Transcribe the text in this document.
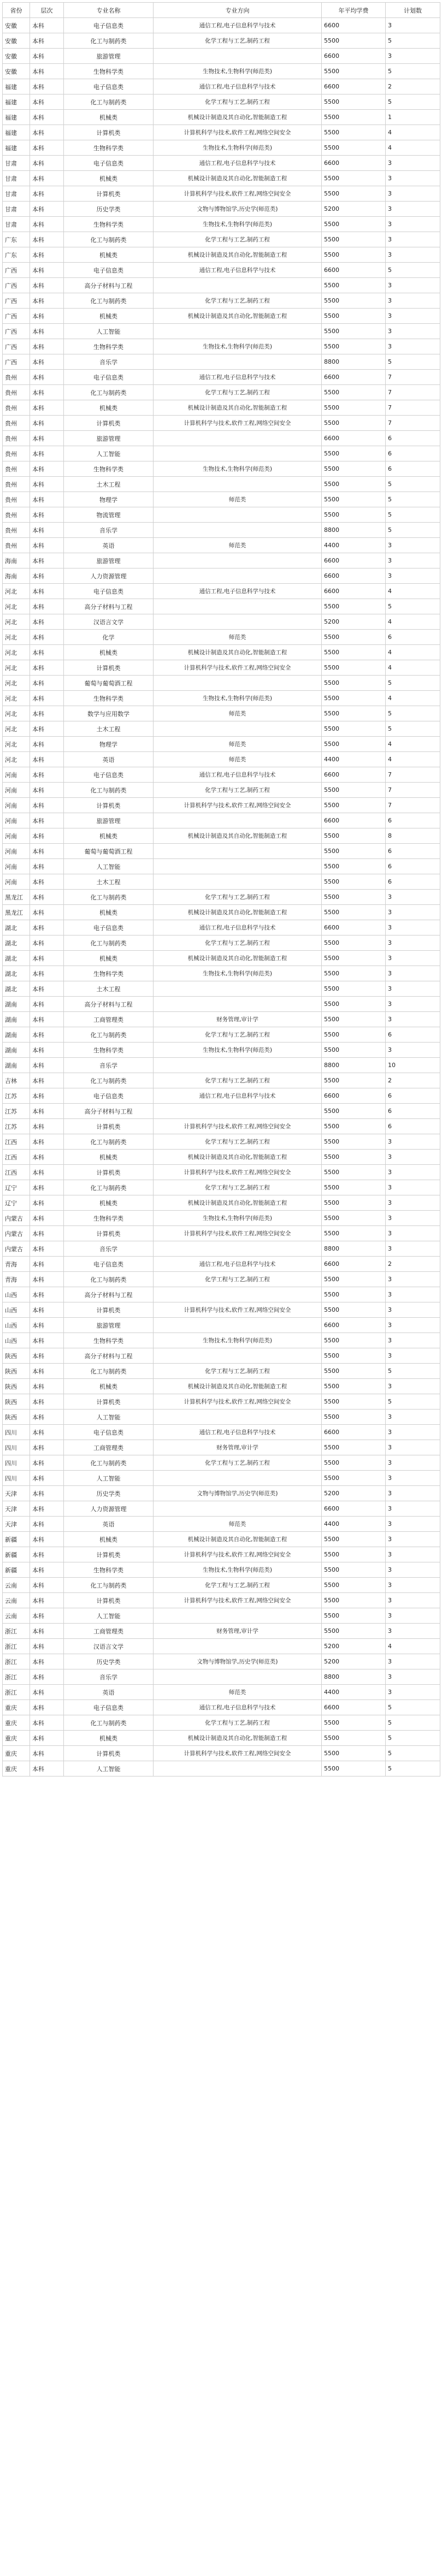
省份	层次	专业名称	专业方向	年平均学费	计划数
安徽	本科	电子信息类	通信工程,电子信息科学与技术	6600	3
安徽	本科	化工与制药类	化学工程与工艺,制药工程	5500	5
安徽	本科	旅游管理		6600	3
安徽	本科	生物科学类	生物技术,生物科学(师范类)	5500	5
福建	本科	电子信息类	通信工程,电子信息科学与技术	6600	2
福建	本科	化工与制药类	化学工程与工艺,制药工程	5500	5
福建	本科	机械类	机械设计制造及其自动化,智能制造工程	5500	1
福建	本科	计算机类	计算机科学与技术,软件工程,网络空间安全	5500	4
福建	本科	生物科学类	生物技术,生物科学(师范类)	5500	4
甘肃	本科	电子信息类	通信工程,电子信息科学与技术	6600	3
甘肃	本科	机械类	机械设计制造及其自动化,智能制造工程	5500	3
甘肃	本科	计算机类	计算机科学与技术,软件工程,网络空间安全	5500	3
甘肃	本科	历史学类	文物与博物馆学,历史学(师范类)	5200	3
甘肃	本科	生物科学类	生物技术,生物科学(师范类)	5500	3
广东	本科	化工与制药类	化学工程与工艺,制药工程	5500	3
广东	本科	机械类	机械设计制造及其自动化,智能制造工程	5500	3
广西	本科	电子信息类	通信工程,电子信息科学与技术	6600	5
广西	本科	高分子材料与工程		5500	3
广西	本科	化工与制药类	化学工程与工艺,制药工程	5500	3
广西	本科	机械类	机械设计制造及其自动化,智能制造工程	5500	3
广西	本科	人工智能		5500	3
广西	本科	生物科学类	生物技术,生物科学(师范类)	5500	3
广西	本科	音乐学		8800	5
贵州	本科	电子信息类	通信工程,电子信息科学与技术	6600	7
贵州	本科	化工与制药类	化学工程与工艺,制药工程	5500	7
贵州	本科	机械类	机械设计制造及其自动化,智能制造工程	5500	7
贵州	本科	计算机类	计算机科学与技术,软件工程,网络空间安全	5500	7
贵州	本科	旅游管理		6600	6
贵州	本科	人工智能		5500	6
贵州	本科	生物科学类	生物技术,生物科学(师范类)	5500	6
贵州	本科	土木工程		5500	5
贵州	本科	物理学	师范类	5500	5
贵州	本科	物流管理		5500	5
贵州	本科	音乐学		8800	5
贵州	本科	英语	师范类	4400	3
海南	本科	旅游管理		6600	3
海南	本科	人力资源管理		6600	3
河北	本科	电子信息类	通信工程,电子信息科学与技术	6600	4
河北	本科	高分子材料与工程		5500	5
河北	本科	汉语言文学		5200	4
河北	本科	化学	师范类	5500	6
河北	本科	机械类	机械设计制造及其自动化,智能制造工程	5500	4
河北	本科	计算机类	计算机科学与技术,软件工程,网络空间安全	5500	4
河北	本科	葡萄与葡萄酒工程		5500	5
河北	本科	生物科学类	生物技术,生物科学(师范类)	5500	4
河北	本科	数学与应用数学	师范类	5500	5
河北	本科	土木工程		5500	5
河北	本科	物理学	师范类	5500	4
河北	本科	英语	师范类	4400	4
河南	本科	电子信息类	通信工程,电子信息科学与技术	6600	7
河南	本科	化工与制药类	化学工程与工艺,制药工程	5500	7
河南	本科	计算机类	计算机科学与技术,软件工程,网络空间安全	5500	7
河南	本科	旅游管理		6600	6
河南	本科	机械类	机械设计制造及其自动化,智能制造工程	5500	8
河南	本科	葡萄与葡萄酒工程		5500	6
河南	本科	人工智能		5500	6
河南	本科	土木工程		5500	6
黑龙江	本科	化工与制药类	化学工程与工艺,制药工程	5500	3
黑龙江	本科	机械类	机械设计制造及其自动化,智能制造工程	5500	3
湖北	本科	电子信息类	通信工程,电子信息科学与技术	6600	3
湖北	本科	化工与制药类	化学工程与工艺,制药工程	5500	3
湖北	本科	机械类	机械设计制造及其自动化,智能制造工程	5500	3
湖北	本科	生物科学类	生物技术,生物科学(师范类)	5500	3
湖北	本科	土木工程		5500	3
湖南	本科	高分子材料与工程		5500	3
湖南	本科	工商管理类	财务管理,审计学	5500	3
湖南	本科	化工与制药类	化学工程与工艺,制药工程	5500	6
湖南	本科	生物科学类	生物技术,生物科学(师范类)	5500	3
湖南	本科	音乐学		8800	10
吉林	本科	化工与制药类	化学工程与工艺,制药工程	5500	2
江苏	本科	电子信息类	通信工程,电子信息科学与技术	6600	6
江苏	本科	高分子材料与工程		5500	6
江苏	本科	计算机类	计算机科学与技术,软件工程,网络空间安全	5500	6
江西	本科	化工与制药类	化学工程与工艺,制药工程	5500	3
江西	本科	机械类	机械设计制造及其自动化,智能制造工程	5500	3
江西	本科	计算机类	计算机科学与技术,软件工程,网络空间安全	5500	3
辽宁	本科	化工与制药类	化学工程与工艺,制药工程	5500	3
辽宁	本科	机械类	机械设计制造及其自动化,智能制造工程	5500	3
内蒙古	本科	生物科学类	生物技术,生物科学(师范类)	5500	3
内蒙古	本科	计算机类	计算机科学与技术,软件工程,网络空间安全	5500	3
内蒙古	本科	音乐学		8800	3
青海	本科	电子信息类	通信工程,电子信息科学与技术	6600	2
青海	本科	化工与制药类	化学工程与工艺,制药工程	5500	3
山西	本科	高分子材料与工程		5500	3
山西	本科	计算机类	计算机科学与技术,软件工程,网络空间安全	5500	3
山西	本科	旅游管理		6600	3
山西	本科	生物科学类	生物技术,生物科学(师范类)	5500	3
陕西	本科	高分子材料与工程		5500	3
陕西	本科	化工与制药类	化学工程与工艺,制药工程	5500	5
陕西	本科	机械类	机械设计制造及其自动化,智能制造工程	5500	3
陕西	本科	计算机类	计算机科学与技术,软件工程,网络空间安全	5500	5
陕西	本科	人工智能		5500	3
四川	本科	电子信息类	通信工程,电子信息科学与技术	6600	3
四川	本科	工商管理类	财务管理,审计学	5500	3
四川	本科	化工与制药类	化学工程与工艺,制药工程	5500	3
四川	本科	人工智能		5500	3
天津	本科	历史学类	文物与博物馆学,历史学(师范类)	5200	3
天津	本科	人力资源管理		6600	3
天津	本科	英语	师范类	4400	3
新疆	本科	机械类	机械设计制造及其自动化,智能制造工程	5500	3
新疆	本科	计算机类	计算机科学与技术,软件工程,网络空间安全	5500	3
新疆	本科	生物科学类	生物技术,生物科学(师范类)	5500	3
云南	本科	化工与制药类	化学工程与工艺,制药工程	5500	3
云南	本科	计算机类	计算机科学与技术,软件工程,网络空间安全	5500	3
云南	本科	人工智能		5500	3
浙江	本科	工商管理类	财务管理,审计学	5500	3
浙江	本科	汉语言文学		5200	4
浙江	本科	历史学类	文物与博物馆学,历史学(师范类)	5200	3
浙江	本科	音乐学		8800	3
浙江	本科	英语	师范类	4400	3
重庆	本科	电子信息类	通信工程,电子信息科学与技术	6600	5
重庆	本科	化工与制药类	化学工程与工艺,制药工程	5500	5
重庆	本科	机械类	机械设计制造及其自动化,智能制造工程	5500	5
重庆	本科	计算机类	计算机科学与技术,软件工程,网络空间安全	5500	5
重庆	本科	人工智能		5500	5
